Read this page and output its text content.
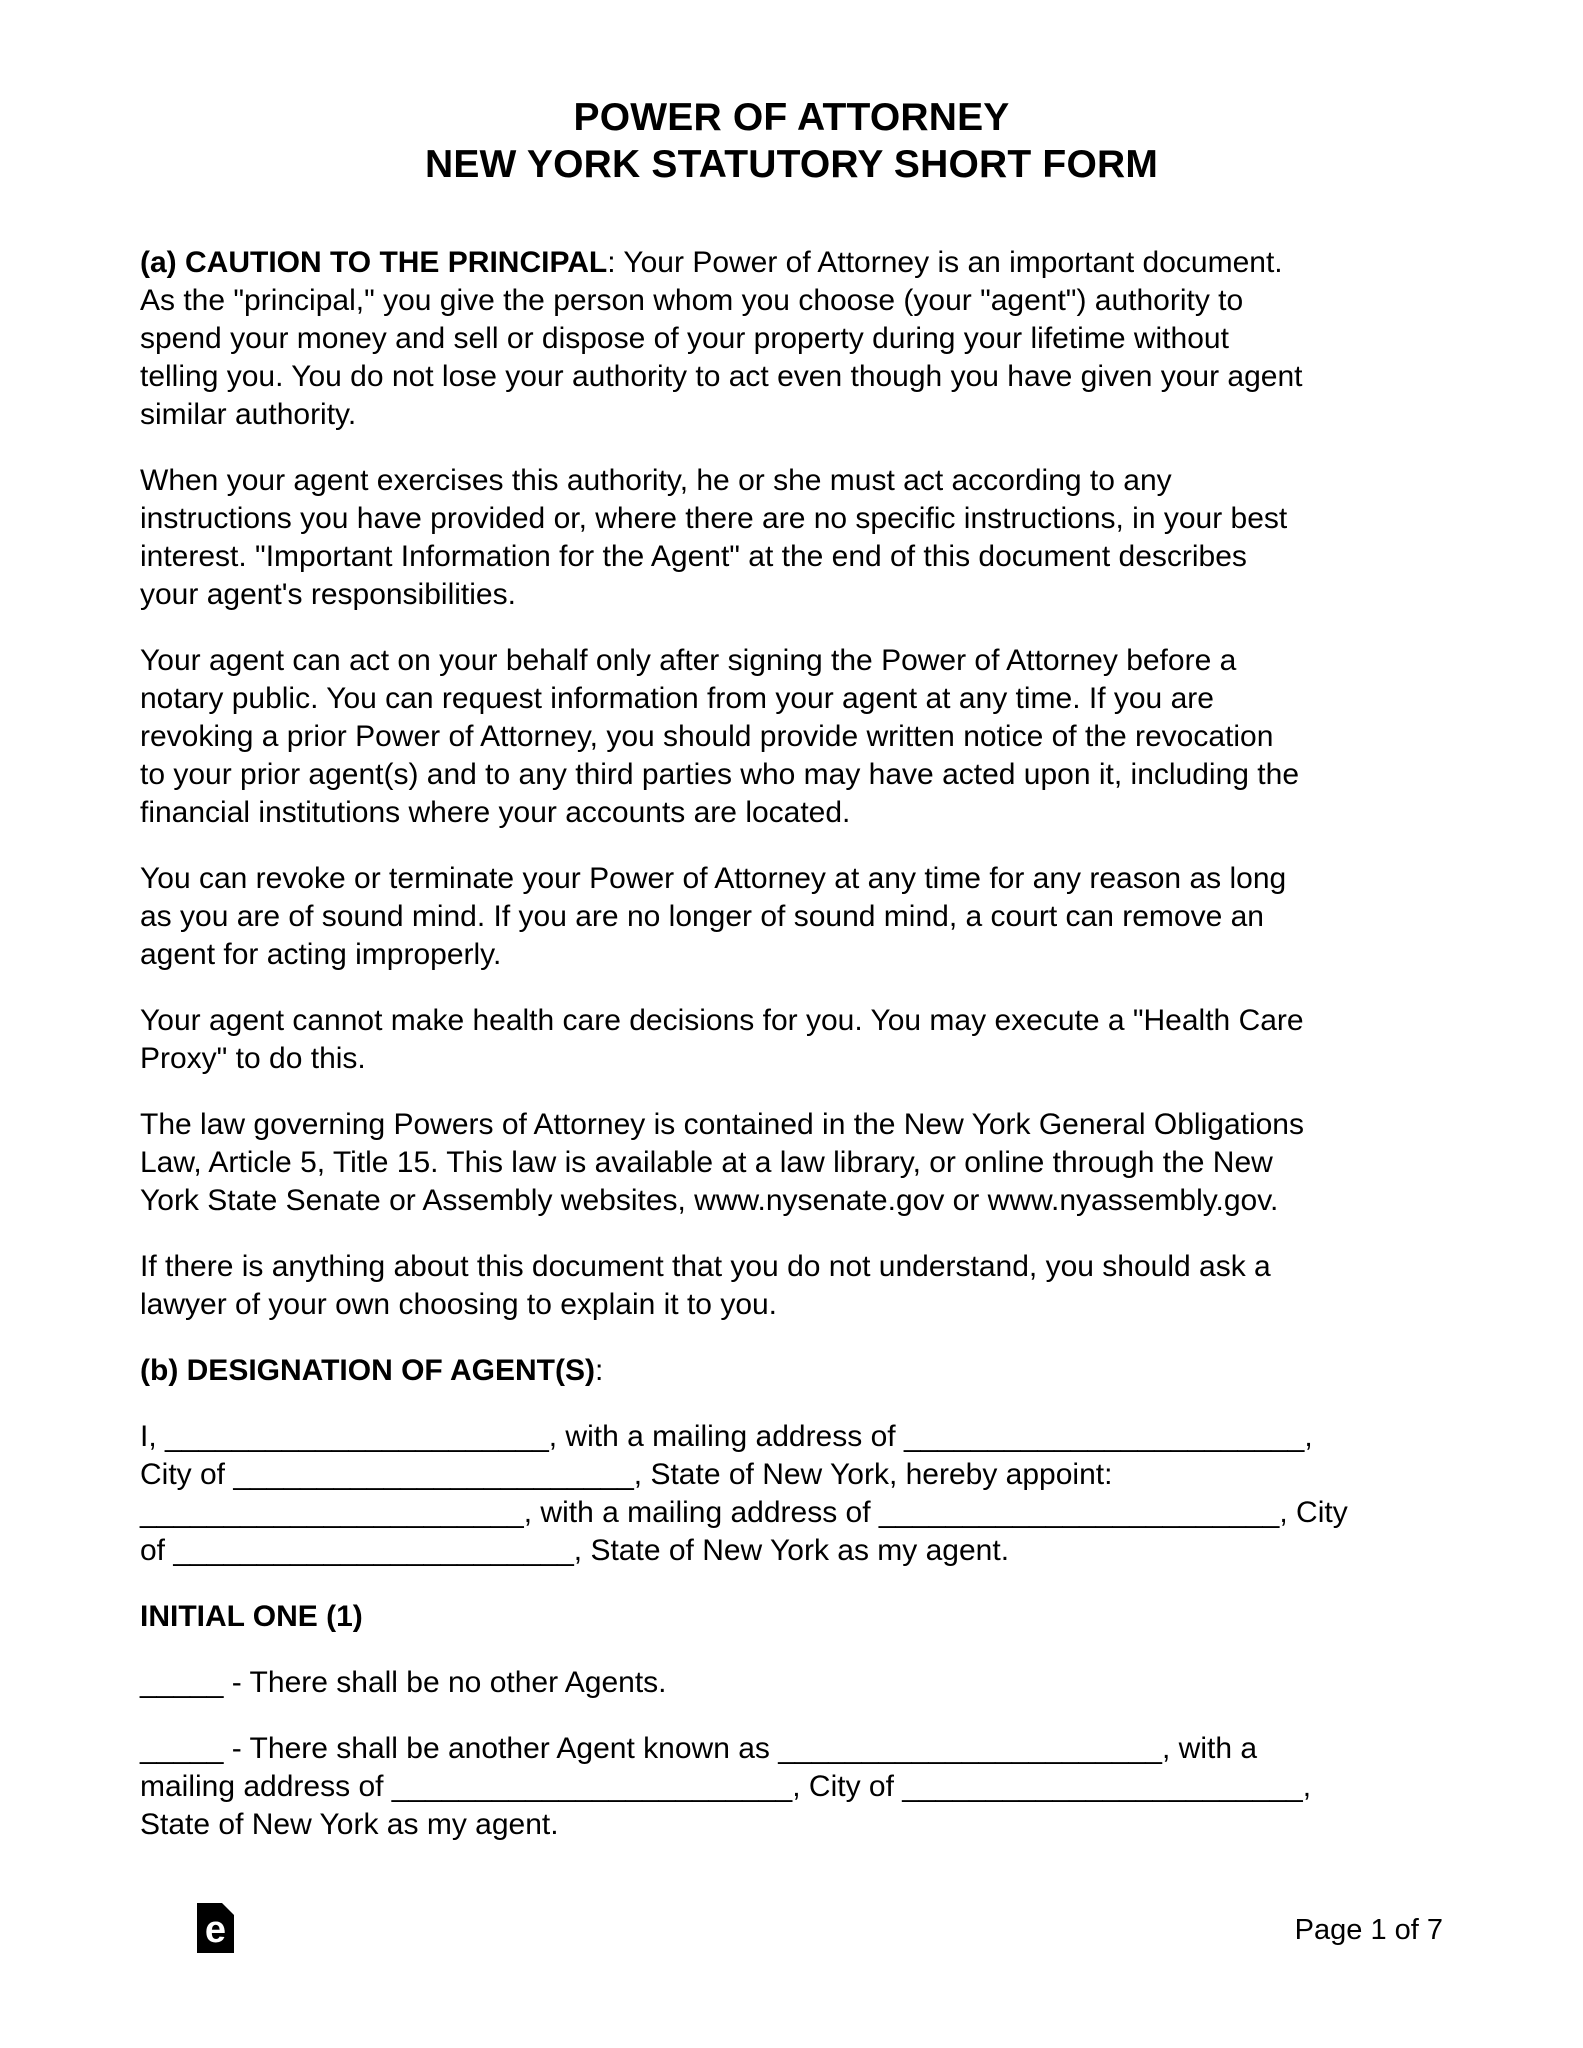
POWER OF ATTORNEY
NEW YORK STATUTORY SHORT FORM

(a) CAUTION TO THE PRINCIPAL: Your Power of Attorney is an important document.
As the "principal," you give the person whom you choose (your "agent") authority to
spend your money and sell or dispose of your property during your lifetime without
telling you. You do not lose your authority to act even though you have given your agent
similar authority.

When your agent exercises this authority, he or she must act according to any
instructions you have provided or, where there are no specific instructions, in your best
interest. "Important Information for the Agent" at the end of this document describes
your agent's responsibilities.

Your agent can act on your behalf only after signing the Power of Attorney before a
notary public. You can request information from your agent at any time. If you are
revoking a prior Power of Attorney, you should provide written notice of the revocation
to your prior agent(s) and to any third parties who may have acted upon it, including the
financial institutions where your accounts are located.

You can revoke or terminate your Power of Attorney at any time for any reason as long
as you are of sound mind. If you are no longer of sound mind, a court can remove an
agent for acting improperly.

Your agent cannot make health care decisions for you. You may execute a "Health Care
Proxy" to do this.

The law governing Powers of Attorney is contained in the New York General Obligations
Law, Article 5, Title 15. This law is available at a law library, or online through the New
York State Senate or Assembly websites, www.nysenate.gov or www.nyassembly.gov.

If there is anything about this document that you do not understand, you should ask a
lawyer of your own choosing to explain it to you.

(b) DESIGNATION OF AGENT(S):

I, _______________________, with a mailing address of ________________________,
City of ________________________, State of New York, hereby appoint:
_______________________, with a mailing address of ________________________, City
of ________________________, State of New York as my agent.

INITIAL ONE (1)

_____ - There shall be no other Agents.

_____ - There shall be another Agent known as _______________________, with a
mailing address of ________________________, City of ________________________,
State of New York as my agent.

e	Page 1 of 7
